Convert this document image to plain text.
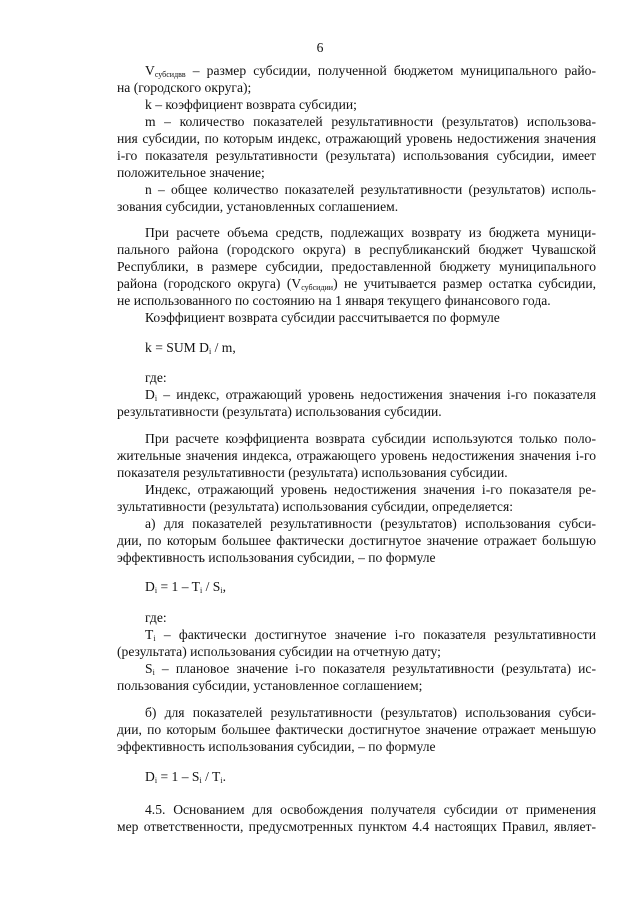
6
$V_{субсидвв}$ – размер субсидии, полученной бюджетом муниципального райо-
на (городского округа);
k – коэффициент возврата субсидии;
m – количество показателей результативности (результатов) использова-
ния субсидии, по которым индекс, отражающий уровень недостижения значения
i-го показателя результативности (результата) использования субсидии, имеет
положительное значение;
n – общее количество показателей результативности (результатов) исполь-
зования субсидии, установленных соглашением.
При расчете объема средств, подлежащих возврату из бюджета муници-
пального района (городского округа) в республиканский бюджет Чувашской
Республики, в размере субсидии, предоставленной бюджету муниципального
района (городского округа) $(V_{субсидии})$ не учитывается размер остатка субсидии,
не использованного по состоянию на 1 января текущего финансового года.
Коэффициент возврата субсидии рассчитывается по формуле
k = SUM $D_i$ / m,
где:
$D_i$ – индекс, отражающий уровень недостижения значения i-го показателя
результативности (результата) использования субсидии.
При расчете коэффициента возврата субсидии используются только поло-
жительные значения индекса, отражающего уровень недостижения значения i-го
показателя результативности (результата) использования субсидии.
Индекс, отражающий уровень недостижения значения i-го показателя ре-
зультативности (результата) использования субсидии, определяется:
а) для показателей результативности (результатов) использования субси-
дии, по которым большее фактически достигнутое значение отражает большую
эффективность использования субсидии, – по формуле
$D_i = 1 - T_i / S_i$,
где:
$T_i$ – фактически достигнутое значение i-го показателя результативности
(результата) использования субсидии на отчетную дату;
$S_i$ – плановое значение i-го показателя результативности (результата) ис-
пользования субсидии, установленное соглашением;
б) для показателей результативности (результатов) использования субси-
дии, по которым большее фактически достигнутое значение отражает меньшую
эффективность использования субсидии, – по формуле
$D_i = 1 - S_i / T_i$.
4.5. Основанием для освобождения получателя субсидии от применения
мер ответственности, предусмотренных пунктом 4.4 настоящих Правил, являет-
